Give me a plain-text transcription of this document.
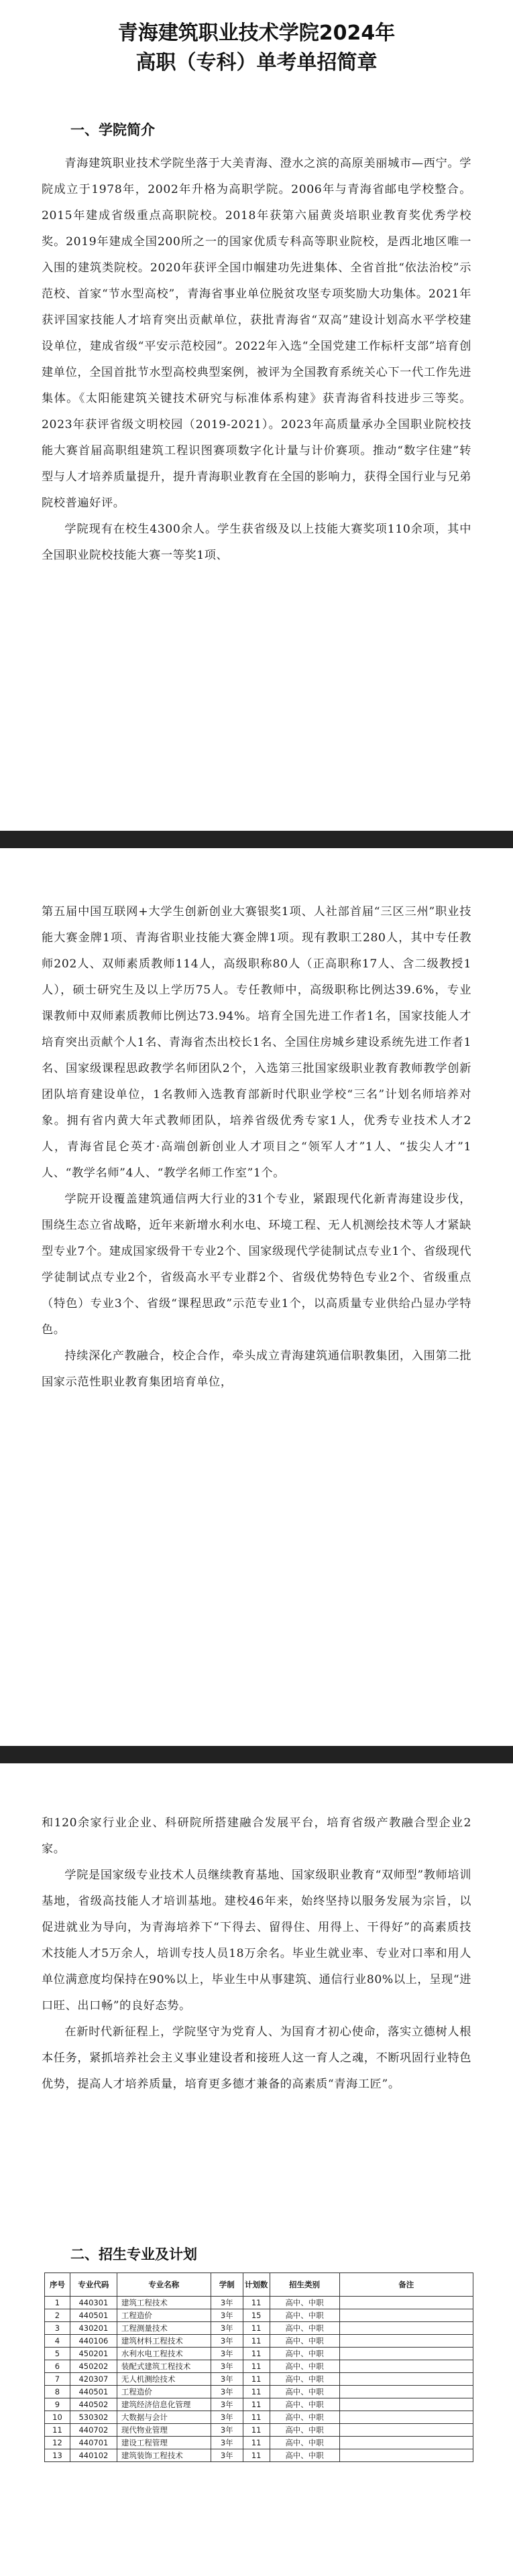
青海建筑职业技术学院2024年
高职（专科）单考单招简章
一、学院简介

青海建筑职业技术学院坐落于大美青海、澄水之滨的高原美丽城市—西宁。学院成立于1978年，2002年升格为高职学院。2006年与青海省邮电学校整合。2015年建成省级重点高职院校。2018年获第六届黄炎培职业教育奖优秀学校奖。2019年建成全国200所之一的国家优质专科高等职业院校，是西北地区唯一入围的建筑类院校。2020年获评全国巾帼建功先进集体、全省首批“依法治校”示范校、首家“节水型高校”，青海省事业单位脱贫攻坚专项奖励大功集体。2021年获评国家技能人才培育突出贡献单位，获批青海省“双高”建设计划高水平学校建设单位，建成省级“平安示范校园”。2022年入选“全国党建工作标杆支部”培育创建单位，全国首批节水型高校典型案例，被评为全国教育系统关心下一代工作先进集体。《太阳能建筑关键技术研究与标准体系构建》获青海省科技进步三等奖。2023年获评省级文明校园（2019-2021）。2023年高质量承办全国职业院校技能大赛首届高职组建筑工程识图赛项数字化计量与计价赛项。推动“数字住建”转型与人才培养质量提升，提升青海职业教育在全国的影响力，获得全国行业与兄弟院校普遍好评。

学院现有在校生4300余人。学生获省级及以上技能大赛奖项110余项，其中全国职业院校技能大赛一等奖1项、

第五届中国互联网+大学生创新创业大赛银奖1项、人社部首届“三区三州”职业技能大赛金牌1项、青海省职业技能大赛金牌1项。现有教职工280人，其中专任教师202人、双师素质教师114人，高级职称80人（正高职称17人、含二级教授1人），硕士研究生及以上学历75人。专任教师中，高级职称比例达39.6%，专业课教师中双师素质教师比例达73.94%。培育全国先进工作者1名，国家技能人才培育突出贡献个人1名、青海省杰出校长1名、全国住房城乡建设系统先进工作者1名、国家级课程思政教学名师团队2个，入选第三批国家级职业教育教师教学创新团队培育建设单位，1名教师入选教育部新时代职业学校“三名”计划名师培养对象。拥有省内黄大年式教师团队，培养省级优秀专家1人，优秀专业技术人才2人，青海省昆仑英才·高端创新创业人才项目之“领军人才”1人、“拔尖人才”1人、“教学名师”4人、“教学名师工作室”1个。

学院开设覆盖建筑通信两大行业的31个专业，紧跟现代化新青海建设步伐，围绕生态立省战略，近年来新增水利水电、环境工程、无人机测绘技术等人才紧缺型专业7个。建成国家级骨干专业2个、国家级现代学徒制试点专业1个、省级现代学徒制试点专业2个，省级高水平专业群2个、省级优势特色专业2个、省级重点（特色）专业3个、省级“课程思政”示范专业1个，以高质量专业供给凸显办学特色。

持续深化产教融合，校企合作，牵头成立青海建筑通信职教集团，入围第二批国家示范性职业教育集团培育单位，

和120余家行业企业、科研院所搭建融合发展平台，培育省级产教融合型企业2家。

学院是国家级专业技术人员继续教育基地、国家级职业教育“双师型”教师培训基地，省级高技能人才培训基地。建校46年来，始终坚持以服务发展为宗旨，以促进就业为导向，为青海培养下“下得去、留得住、用得上、干得好”的高素质技术技能人才5万余人，培训专技人员18万余名。毕业生就业率、专业对口率和用人单位满意度均保持在90%以上，毕业生中从事建筑、通信行业80%以上，呈现“进口旺、出口畅”的良好态势。

在新时代新征程上，学院坚守为党育人、为国育才初心使命，落实立德树人根本任务，紧抓培养社会主义事业建设者和接班人这一育人之魂，不断巩固行业特色优势，提高人才培养质量，培育更多德才兼备的高素质“青海工匠”。

二、招生专业及计划
序号	专业代码	专业名称	学制	计划数	招生类别	备注
1	440301	建筑工程技术	3年	11	高中、中职	
2	440501	工程造价	3年	15	高中、中职	
3	430201	工程测量技术	3年	11	高中、中职	
4	440106	建筑材料工程技术	3年	11	高中、中职	
5	450201	水利水电工程技术	3年	11	高中、中职	
6	450202	装配式建筑工程技术	3年	11	高中、中职	
7	420307	无人机测绘技术	3年	11	高中、中职	
8	440501	工程造价	3年	11	高中、中职	
9	440502	建筑经济信息化管理	3年	11	高中、中职	
10	530302	大数据与会计	3年	11	高中、中职	
11	440702	现代物业管理	3年	11	高中、中职	
12	440701	建设工程管理	3年	11	高中、中职	
13	440102	建筑装饰工程技术	3年	11	高中、中职	
